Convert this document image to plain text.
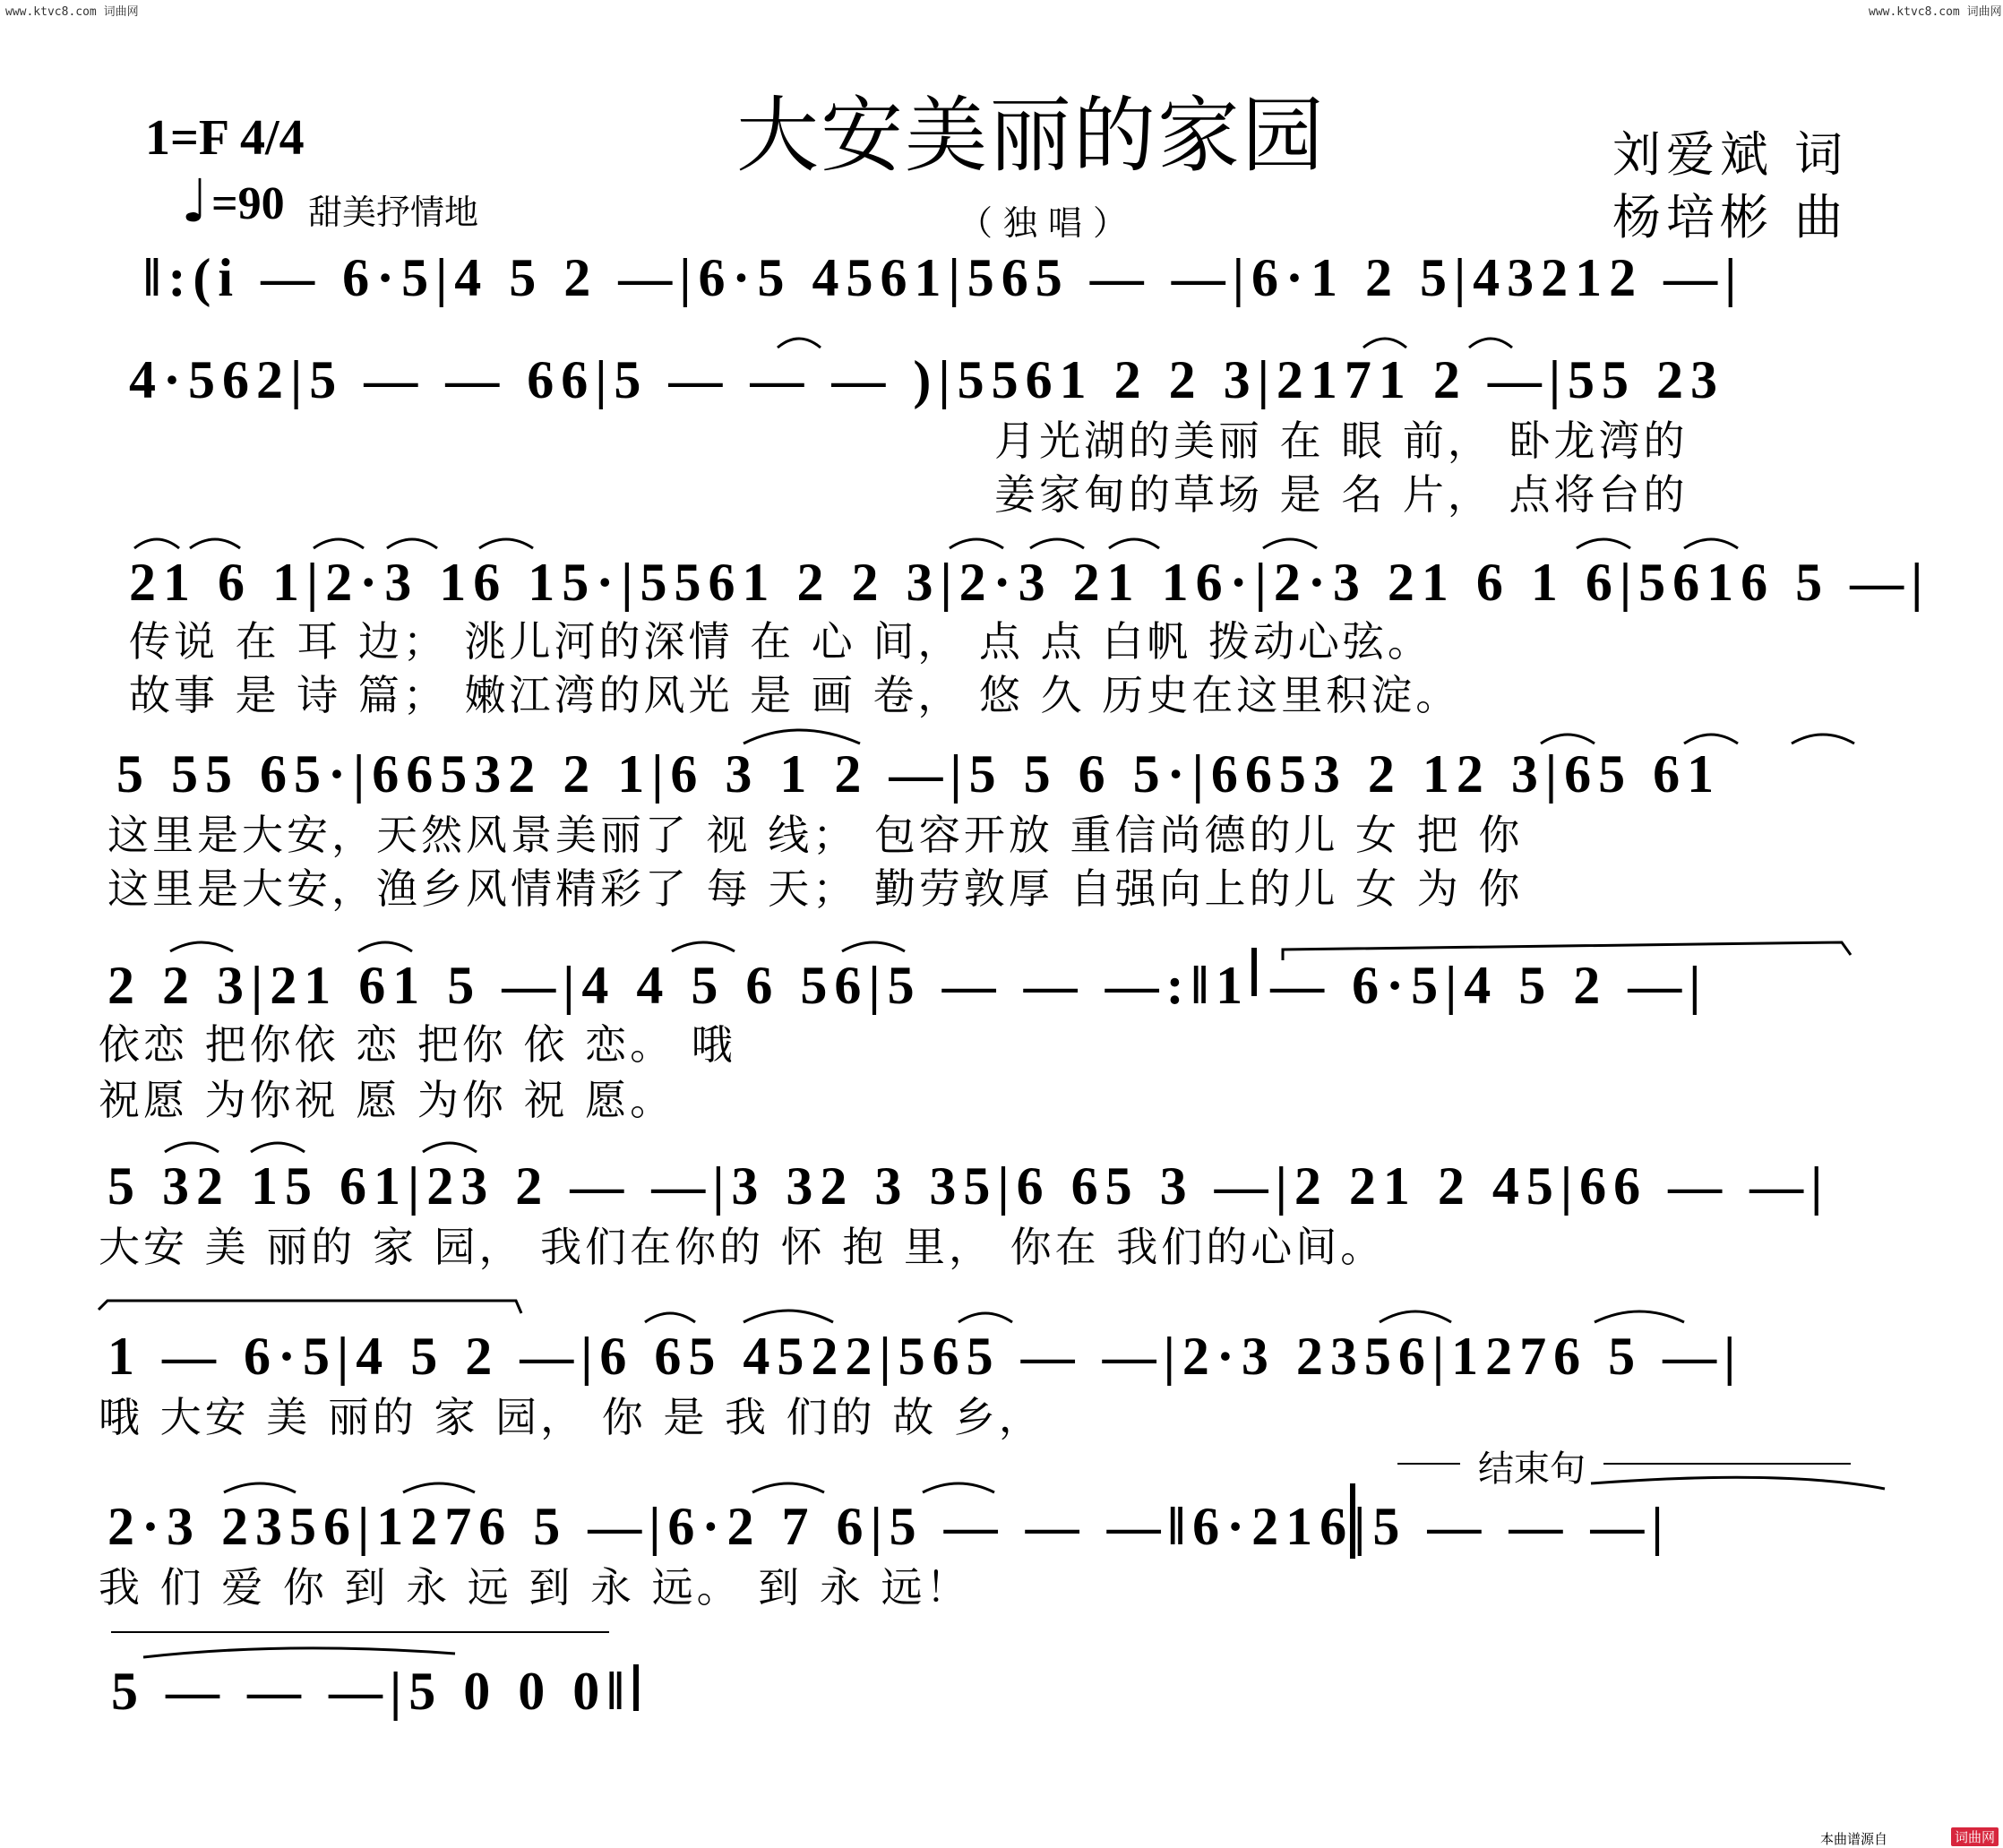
www.ktvc8.com 词曲网	www.ktvc8.com 词曲网
大安美丽的家园
1=F 4/4
♩ =90 甜美抒情地	（独唱）
刘爱斌 词
杨培彬 曲
‖:(i — 6·5|4 5 2 —|6·5 4561|565 — —|6·1 2 5|43212 —|
4·562|5 — — 66|5 — — — )|5561 2 2 3|2171 2 —|55 23
月光湖的美丽 在 眼 前， 卧龙湾的
姜家甸的草场 是 名 片， 点将台的
21 6 1|2·3 16 15·|5561 2 2 3|2·3 21 16·|2·3 21 6 1 6|5616 5 —|
传说 在 耳 边； 洮儿河的深情 在 心 间， 点 点 白帆 拨动心弦。
故事 是 诗 篇； 嫩江湾的风光 是 画 卷， 悠 久 历史在这里积淀。
5 55 65·|66532 2 1|6 3 1 2 —|5 5 6 5·|6653 2 12 3|65 61
这里是大安，天然风景美丽了 视 线； 包容开放 重信尚德的儿 女 把 你
这里是大安，渔乡风情精彩了 每 天； 勤劳敦厚 自强向上的儿 女 为 你
2 2 3|21 61 5 —|4 4 5 6 56|5 — — —:‖1 — 6·5|4 5 2 —|
依恋 把你依 恋 把你 依 恋。 哦
祝愿 为你祝 愿 为你 祝 愿。
5 32 15 61|23 2 — —|3 32 3 35|6 65 3 —|2 21 2 45|66 — —|
大安 美 丽的 家 园， 我们在你的 怀 抱 里， 你在 我们的心间。
1 — 6·5|4 5 2 —|6 65 4522|565 — —|2·3 2356|1276 5 —|
哦 大安 美 丽的 家 园， 你 是 我 们的 故 乡，
结束句
2·3 2356|1276 5 —|6·2 7 6|5 — — —‖6·216|5 — — —|
我 们 爱 你 到 永 远 到 永 远。 到 永 远！
5 — — —|5 0 0 0‖
本曲谱源自	词曲网
